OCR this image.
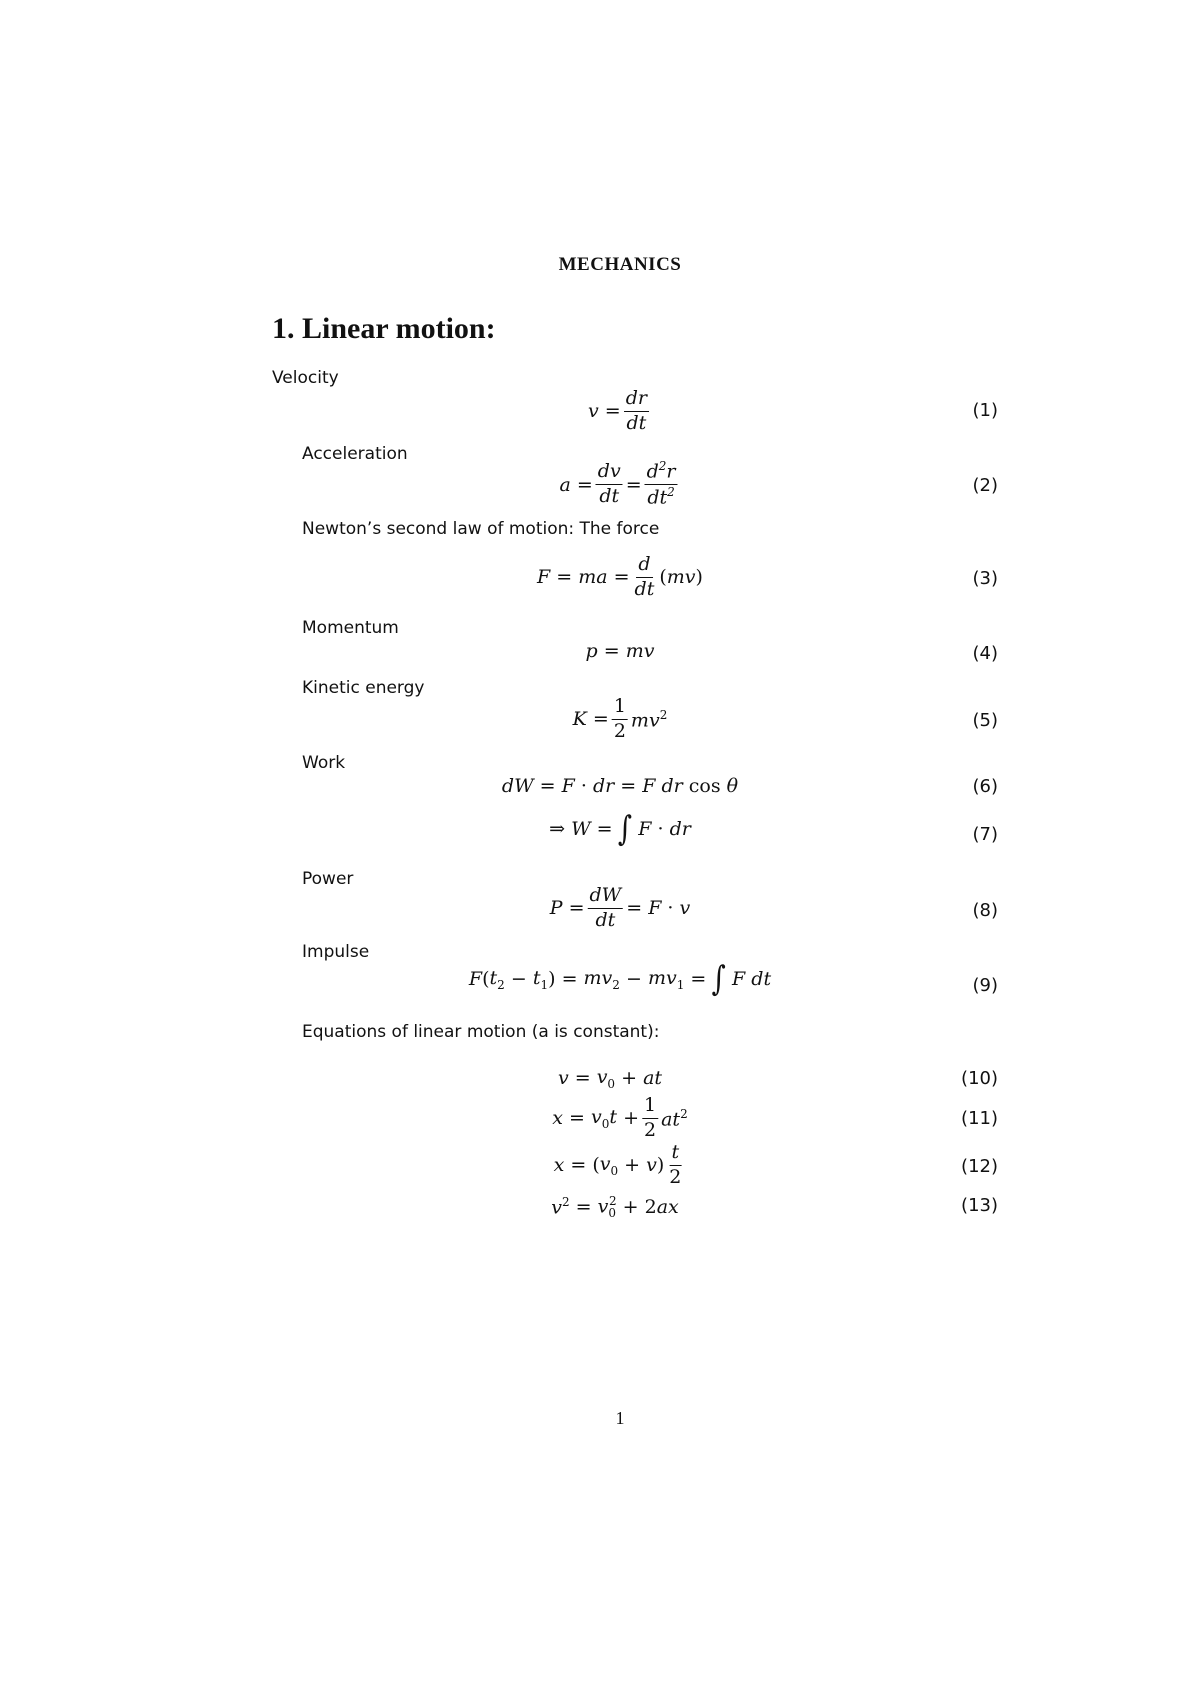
MECHANICS
1. Linear motion:
Velocity
v
= $\frac{dr}{dt}$	(1)
Acceleration
a
= $\frac{dv}{dt} = \frac{d^2r}{dt^2}$	(2)
Newton’s second law of motion: The force
F
=
ma
= $\frac{d}{dt}$ ( mv )	(3)
Momentum
p
=
mv	(4)
Kinetic energy
K
= $\frac{1}{2} mv^2$	(5)
Work
dW
=
F
·
dr
=
F dr
cos
θ	(6)
⇒
W
= ∫ F
·
dr	(7)
Power
P
= $\frac{dW}{dt}$ =
F
·
v	(8)
Impulse
F ( $t_2$
−
$t_1$ )
=
$mv_2$
−
$mv_1$
= ∫ F dt	(9)
Equations of linear motion (a is constant):
v
=
$v_0$
+
at	(10)
x
=
$v_0t$
+ $\frac{1}{2} at^2$	(11)
x
=
( $v_0$
+
v ) $\frac{t}{2}$	(12)
$v^2$
=
$v_0^2$
+
2 ax	(13)
1
